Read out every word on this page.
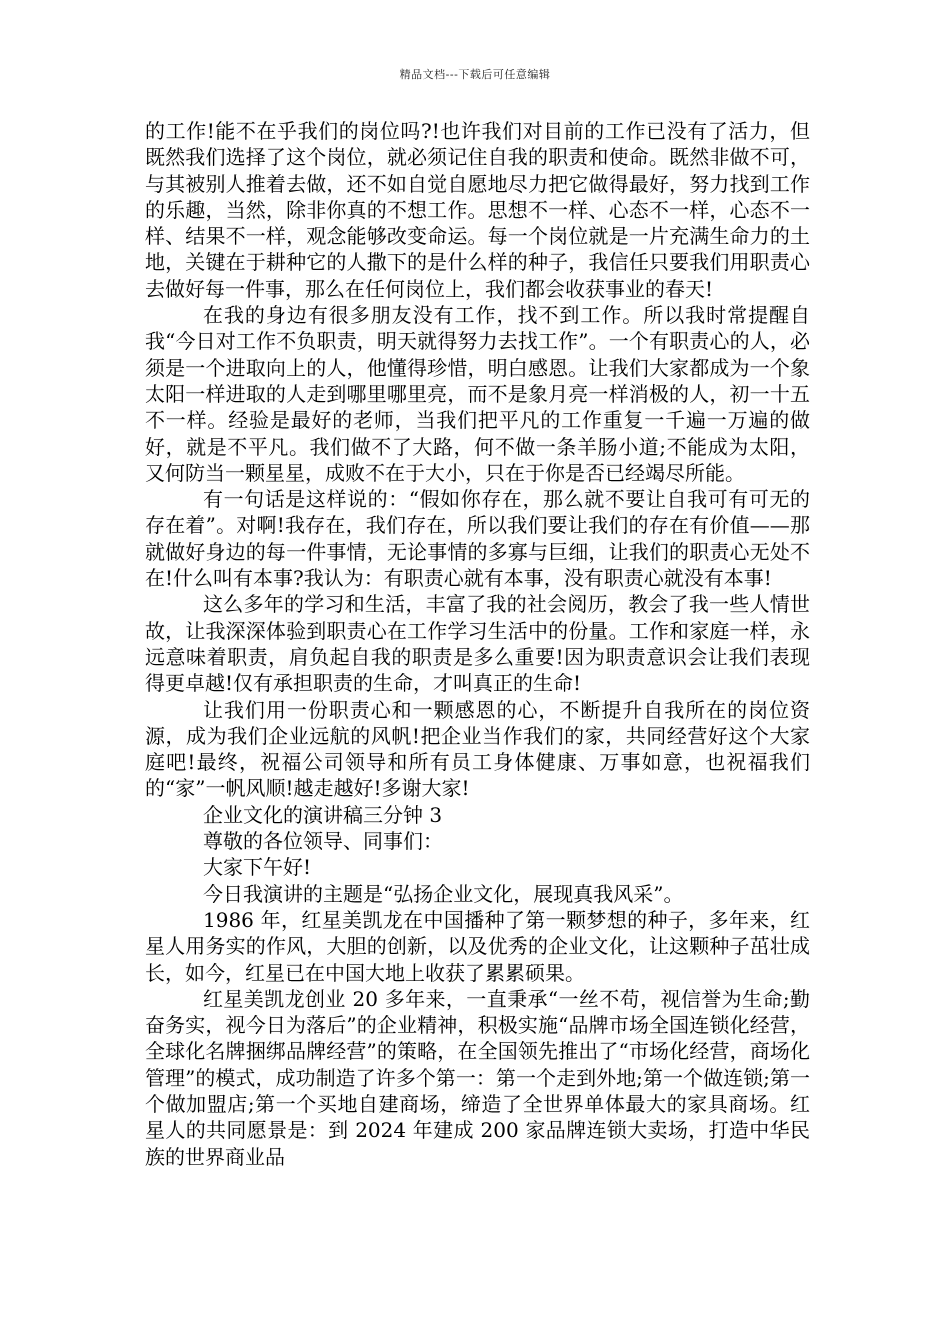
精品文档---下载后可任意编辑

的工作!能不在乎我们的岗位吗?!也许我们对目前的工作已没有了活力，但既然我们选择了这个岗位，就必须记住自我的职责和使命。既然非做不可，与其被别人推着去做，还不如自觉自愿地尽力把它做得最好，努力找到工作的乐趣，当然，除非你真的不想工作。思想不一样、心态不一样，心态不一样、结果不一样，观念能够改变命运。每一个岗位就是一片充满生命力的土地，关键在于耕种它的人撒下的是什么样的种子，我信任只要我们用职责心去做好每一件事，那么在任何岗位上，我们都会收获事业的春天!

在我的身边有很多朋友没有工作，找不到工作。所以我时常提醒自我“今日对工作不负职责，明天就得努力去找工作”。一个有职责心的人，必须是一个进取向上的人，他懂得珍惜，明白感恩。让我们大家都成为一个象太阳一样进取的人走到哪里哪里亮，而不是象月亮一样消极的人，初一十五不一样。经验是最好的老师，当我们把平凡的工作重复一千遍一万遍的做好，就是不平凡。我们做不了大路，何不做一条羊肠小道;不能成为太阳，又何防当一颗星星，成败不在于大小，只在于你是否已经竭尽所能。

有一句话是这样说的：“假如你存在，那么就不要让自我可有可无的存在着”。对啊!我存在，我们存在，所以我们要让我们的存在有价值——那就做好身边的每一件事情，无论事情的多寡与巨细，让我们的职责心无处不在!什么叫有本事?我认为：有职责心就有本事，没有职责心就没有本事!

这么多年的学习和生活，丰富了我的社会阅历，教会了我一些人情世故，让我深深体验到职责心在工作学习生活中的份量。工作和家庭一样，永远意味着职责，肩负起自我的职责是多么重要!因为职责意识会让我们表现得更卓越!仅有承担职责的生命，才叫真正的生命!

让我们用一份职责心和一颗感恩的心，不断提升自我所在的岗位资源，成为我们企业远航的风帆!把企业当作我们的家，共同经营好这个大家庭吧!最终，祝福公司领导和所有员工身体健康、万事如意，也祝福我们的“家”一帆风顺!越走越好!多谢大家!

企业文化的演讲稿三分钟 3

尊敬的各位领导、同事们：

大家下午好!

今日我演讲的主题是“弘扬企业文化，展现真我风采”。

1986 年，红星美凯龙在中国播种了第一颗梦想的种子，多年来，红星人用务实的作风，大胆的创新，以及优秀的企业文化，让这颗种子茁壮成长，如今，红星已在中国大地上收获了累累硕果。

红星美凯龙创业 20 多年来，一直秉承“一丝不苟，视信誉为生命;勤奋务实，视今日为落后”的企业精神，积极实施“品牌市场全国连锁化经营，全球化名牌捆绑品牌经营”的策略，在全国领先推出了“市场化经营，商场化管理”的模式，成功制造了许多个第一：第一个走到外地;第一个做连锁;第一个做加盟店;第一个买地自建商场，缔造了全世界单体最大的家具商场。红星人的共同愿景是：到 2024 年建成 200 家品牌连锁大卖场，打造中华民族的世界商业品
